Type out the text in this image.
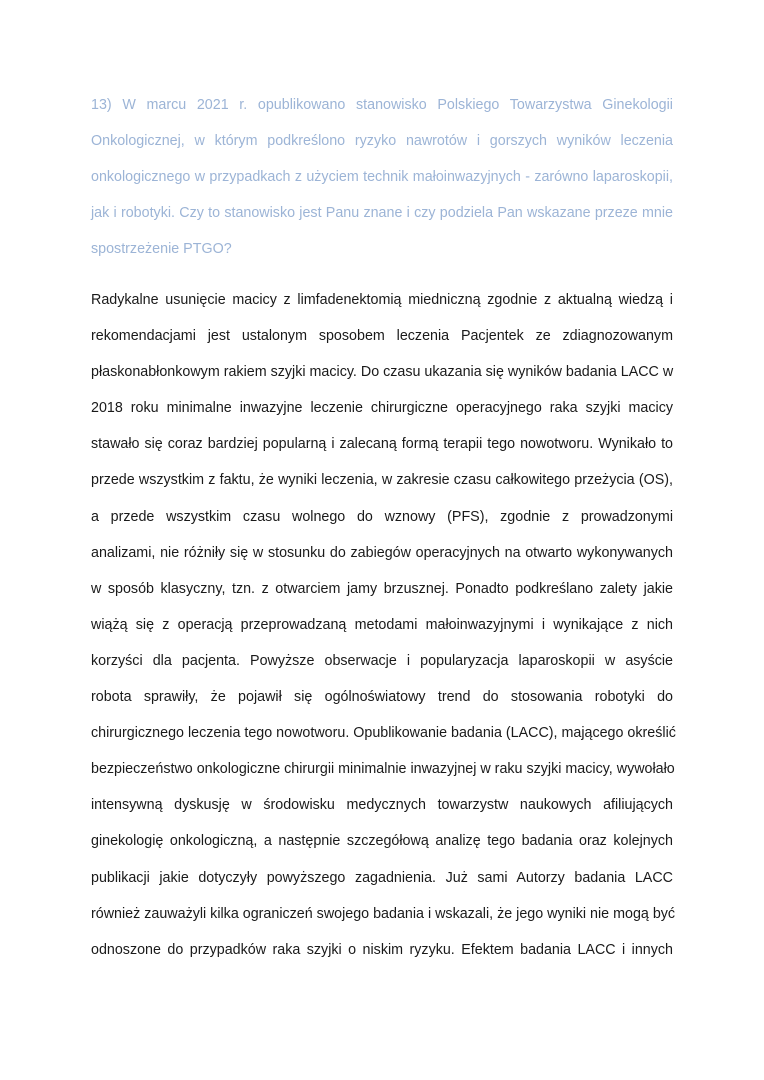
13) W marcu 2021 r. opublikowano stanowisko Polskiego Towarzystwa Ginekologii
Onkologicznej, w którym podkreślono ryzyko nawrotów i gorszych wyników leczenia
onkologicznego w przypadkach z użyciem technik małoinwazyjnych - zarówno laparoskopii,
jak i robotyki. Czy to stanowisko jest Panu znane i czy podziela Pan wskazane przeze mnie
spostrzeżenie PTGO?
Radykalne usunięcie macicy z limfadenektomią miedniczną zgodnie z aktualną wiedzą i
rekomendacjami jest ustalonym sposobem leczenia Pacjentek ze zdiagnozowanym
płaskonabłonkowym rakiem szyjki macicy. Do czasu ukazania się wyników badania LACC w
2018 roku minimalne inwazyjne leczenie chirurgiczne operacyjnego raka szyjki macicy
stawało się coraz bardziej popularną i zalecaną formą terapii tego nowotworu. Wynikało to
przede wszystkim z faktu, że wyniki leczenia, w zakresie czasu całkowitego przeżycia (OS),
a przede wszystkim czasu wolnego do wznowy (PFS), zgodnie z prowadzonymi
analizami, nie różniły się w stosunku do zabiegów operacyjnych na otwarto wykonywanych
w sposób klasyczny, tzn. z otwarciem jamy brzusznej. Ponadto podkreślano zalety jakie
wiążą się z operacją przeprowadzaną metodami małoinwazyjnymi i wynikające z nich
korzyści dla pacjenta. Powyższe obserwacje i popularyzacja laparoskopii w asyście
robota sprawiły, że pojawił się ogólnoświatowy trend do stosowania robotyki do
chirurgicznego leczenia tego nowotworu. Opublikowanie badania (LACC), mającego określić
bezpieczeństwo onkologiczne chirurgii minimalnie inwazyjnej w raku szyjki macicy, wywołało
intensywną dyskusję w środowisku medycznych towarzystw naukowych afiliujących
ginekologię onkologiczną, a następnie szczegółową analizę tego badania oraz kolejnych
publikacji jakie dotyczyły powyższego zagadnienia. Już sami Autorzy badania LACC
również zauważyli kilka ograniczeń swojego badania i wskazali, że jego wyniki nie mogą być
odnoszone do przypadków raka szyjki o niskim ryzyku. Efektem badania LACC i innych
